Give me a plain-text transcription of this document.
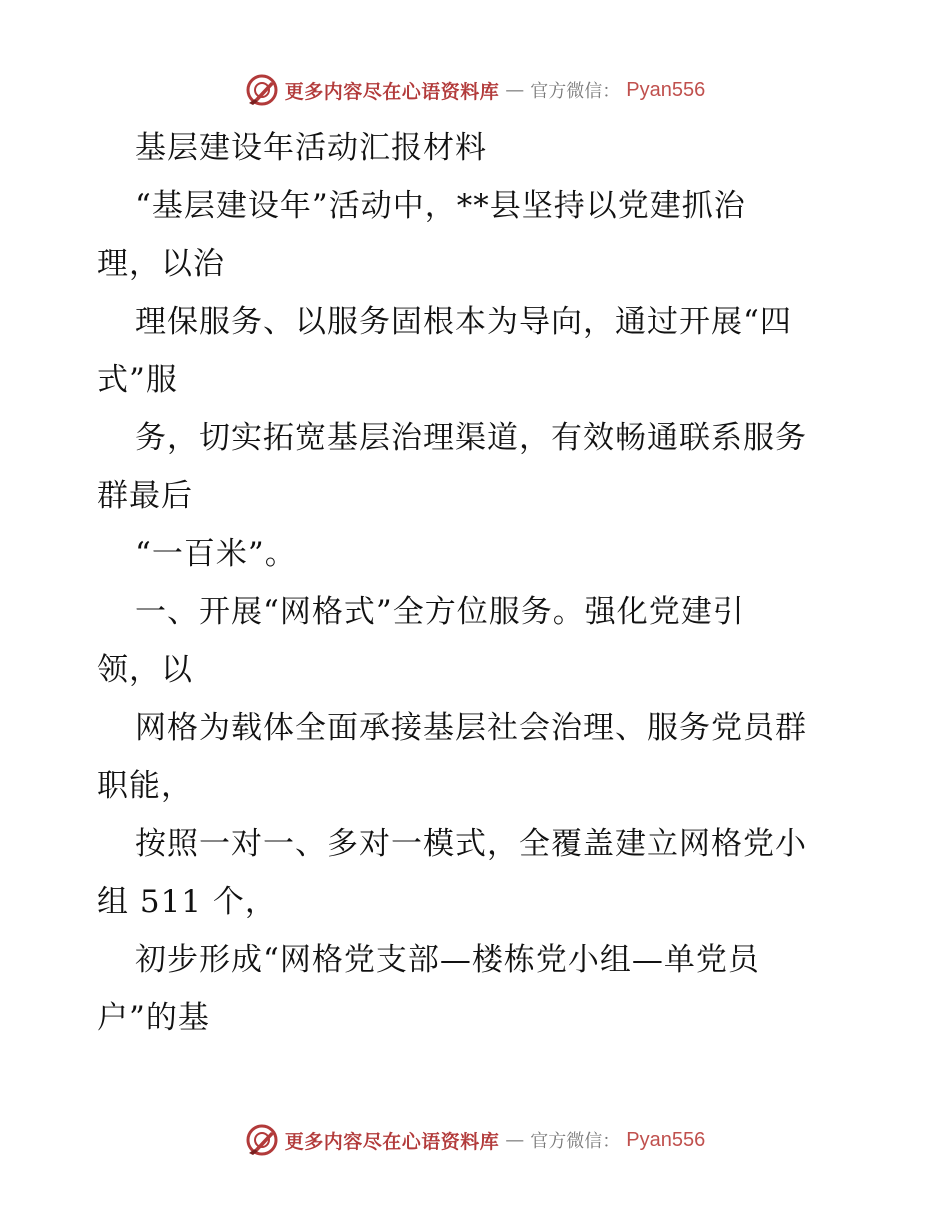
更多内容尽在心语资料库 — 官方微信： Pyan556
基层建设年活动汇报材料
“基层建设年”活动中，**县坚持以党建抓治
理，以治
理保服务、以服务固根本为导向，通过开展“四
式”服
务，切实拓宽基层治理渠道，有效畅通联系服务
群最后
“一百米”。
一、开展“网格式”全方位服务。强化党建引
领，以
网格为载体全面承接基层社会治理、服务党员群
职能，
按照一对一、多对一模式，全覆盖建立网格党小
组 511 个，
初步形成“网格党支部—楼栋党小组—单党员
户”的基
更多内容尽在心语资料库 — 官方微信： Pyan556
